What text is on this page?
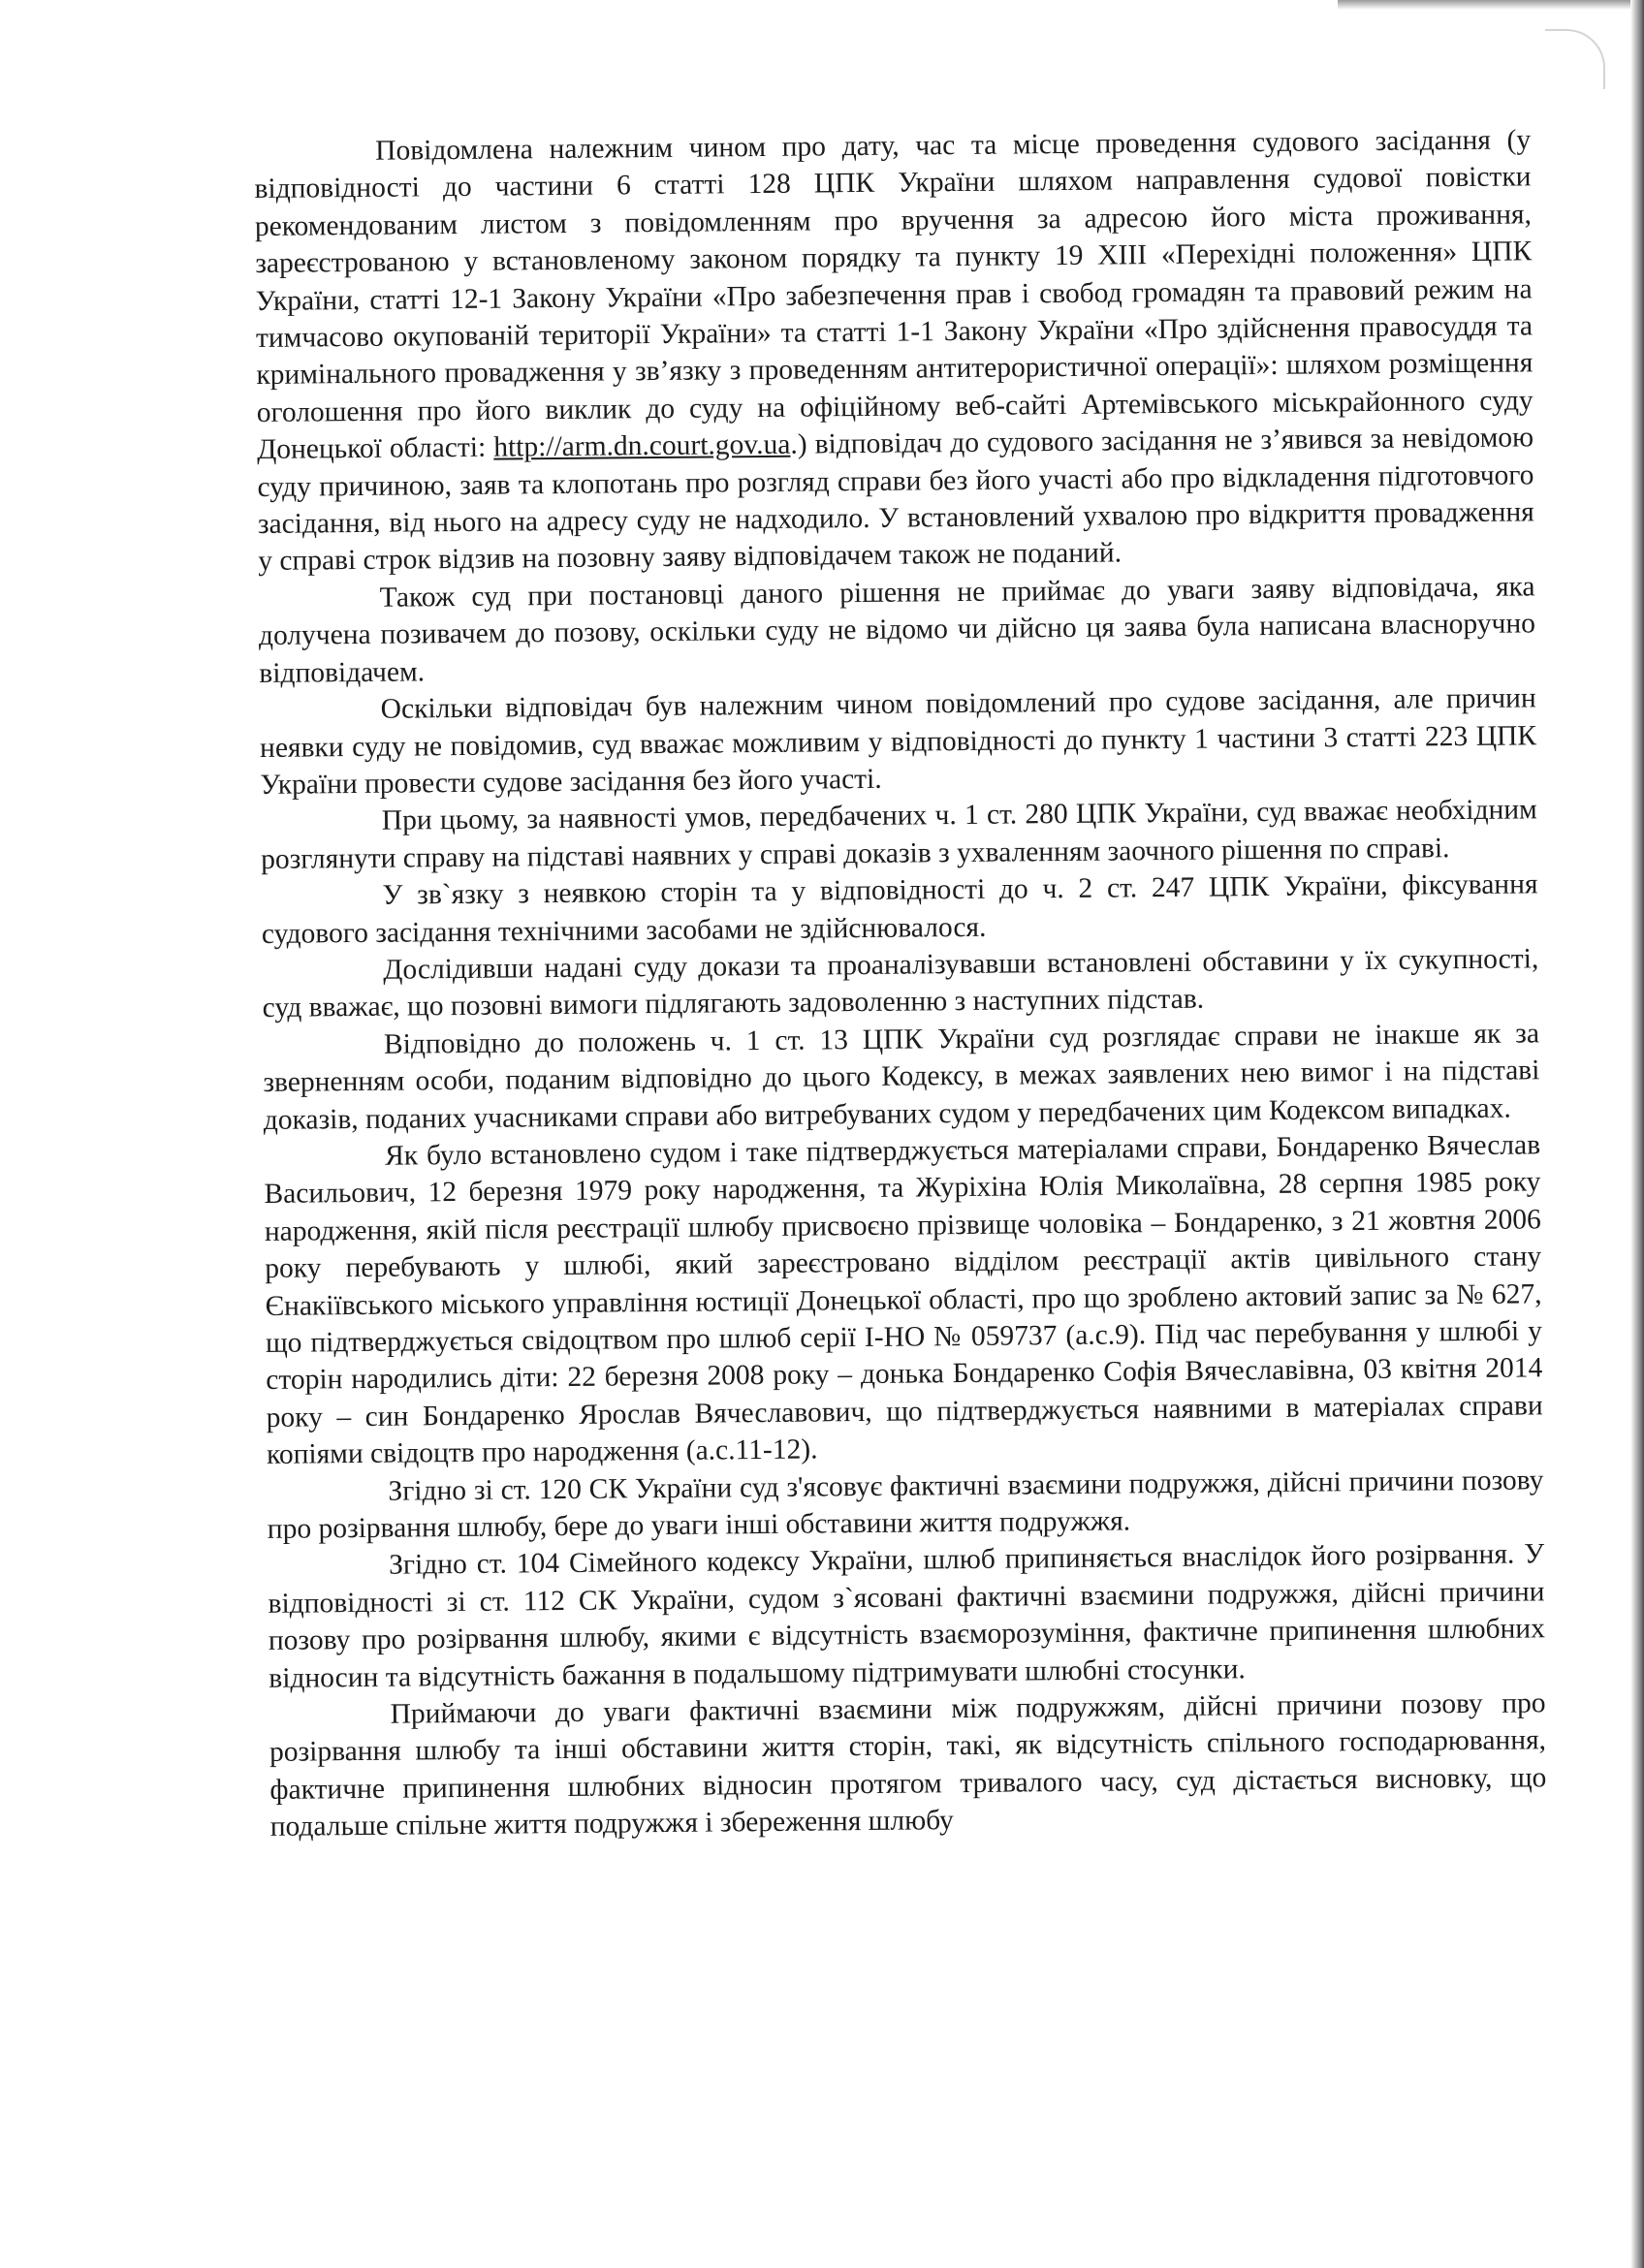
Повідомлена належним чином про дату, час та місце проведення судового засідання (у відповідності до частини 6 статті 128 ЦПК України шляхом направлення судової повістки рекомендованим листом з повідомленням про вручення за адресою його міста проживання, зареєстрованою у встановленому законом порядку та пункту 19 ХІІІ «Перехідні положення» ЦПК України, статті 12-1 Закону України «Про забезпечення прав і свобод громадян та правовий режим на тимчасово окупованій території України» та статті 1-1 Закону України «Про здійснення правосуддя та кримінального провадження у зв’язку з проведенням антитерористичної операції»: шляхом розміщення оголошення про його виклик до суду на офіційному веб-сайті Артемівського міськрайонного суду Донецької області: http://arm.dn.court.gov.ua.) відповідач до судового засідання не з’явився за невідомою суду причиною, заяв та клопотань про розгляд справи без його участі або про відкладення підготовчого засідання, від нього на адресу суду не надходило. У встановлений ухвалою про відкриття провадження у справі строк відзив на позовну заяву відповідачем також не поданий.

Також суд при постановці даного рішення не приймає до уваги заяву відповідача, яка долучена позивачем до позову, оскільки суду не відомо чи дійсно ця заява була написана власноручно відповідачем.

Оскільки відповідач був належним чином повідомлений про судове засідання, але причин неявки суду не повідомив, суд вважає можливим у відповідності до пункту 1 частини 3 статті 223 ЦПК України провести судове засідання без його участі.

При цьому, за наявності умов, передбачених ч. 1 ст. 280 ЦПК України, суд вважає необхідним розглянути справу на підставі наявних у справі доказів з ухваленням заочного рішення по справі.

У зв`язку з неявкою сторін та у відповідності до ч. 2 ст. 247 ЦПК України, фіксування судового засідання технічними засобами не здійснювалося.

Дослідивши надані суду докази та проаналізувавши встановлені обставини у їх сукупності, суд вважає, що позовні вимоги підлягають задоволенню з наступних підстав.

Відповідно до положень ч. 1 ст. 13 ЦПК України суд розглядає справи не інакше як за зверненням особи, поданим відповідно до цього Кодексу, в межах заявлених нею вимог і на підставі доказів, поданих учасниками справи або витребуваних судом у передбачених цим Кодексом випадках.

Як було встановлено судом і таке підтверджується матеріалами справи, Бондаренко Вячеслав Васильович, 12 березня 1979 року народження, та Журіхіна Юлія Миколаївна, 28 серпня 1985 року народження, якій після реєстрації шлюбу присвоєно прізвище чоловіка – Бондаренко, з 21 жовтня 2006 року перебувають у шлюбі, який зареєстровано відділом реєстрації актів цивільного стану Єнакіївського міського управління юстиції Донецької області, про що зроблено актовий запис за № 627, що підтверджується свідоцтвом про шлюб серії І-НО № 059737 (а.с.9). Під час перебування у шлюбі у сторін народились діти: 22 березня 2008 року – донька Бондаренко Софія Вячеславівна, 03 квітня 2014 року – син Бондаренко Ярослав Вячеславович, що підтверджується наявними в матеріалах справи копіями свідоцтв про народження (а.с.11-12).

Згідно зі ст. 120 СК України суд з'ясовує фактичні взаємини подружжя, дійсні причини позову про розірвання шлюбу, бере до уваги інші обставини життя подружжя.

Згідно ст. 104 Сімейного кодексу України, шлюб припиняється внаслідок його розірвання. У відповідності зі ст. 112 СК України, судом з`ясовані фактичні взаємини подружжя, дійсні причини позову про розірвання шлюбу, якими є відсутність взаєморозуміння, фактичне припинення шлюбних відносин та відсутність бажання в подальшому підтримувати шлюбні стосунки.

Приймаючи до уваги фактичні взаємини між подружжям, дійсні причини позову про розірвання шлюбу та інші обставини життя сторін, такі, як відсутність спільного господарювання, фактичне припинення шлюбних відносин протягом тривалого часу, суд дістається висновку, що подальше спільне життя подружжя і збереження шлюбу
